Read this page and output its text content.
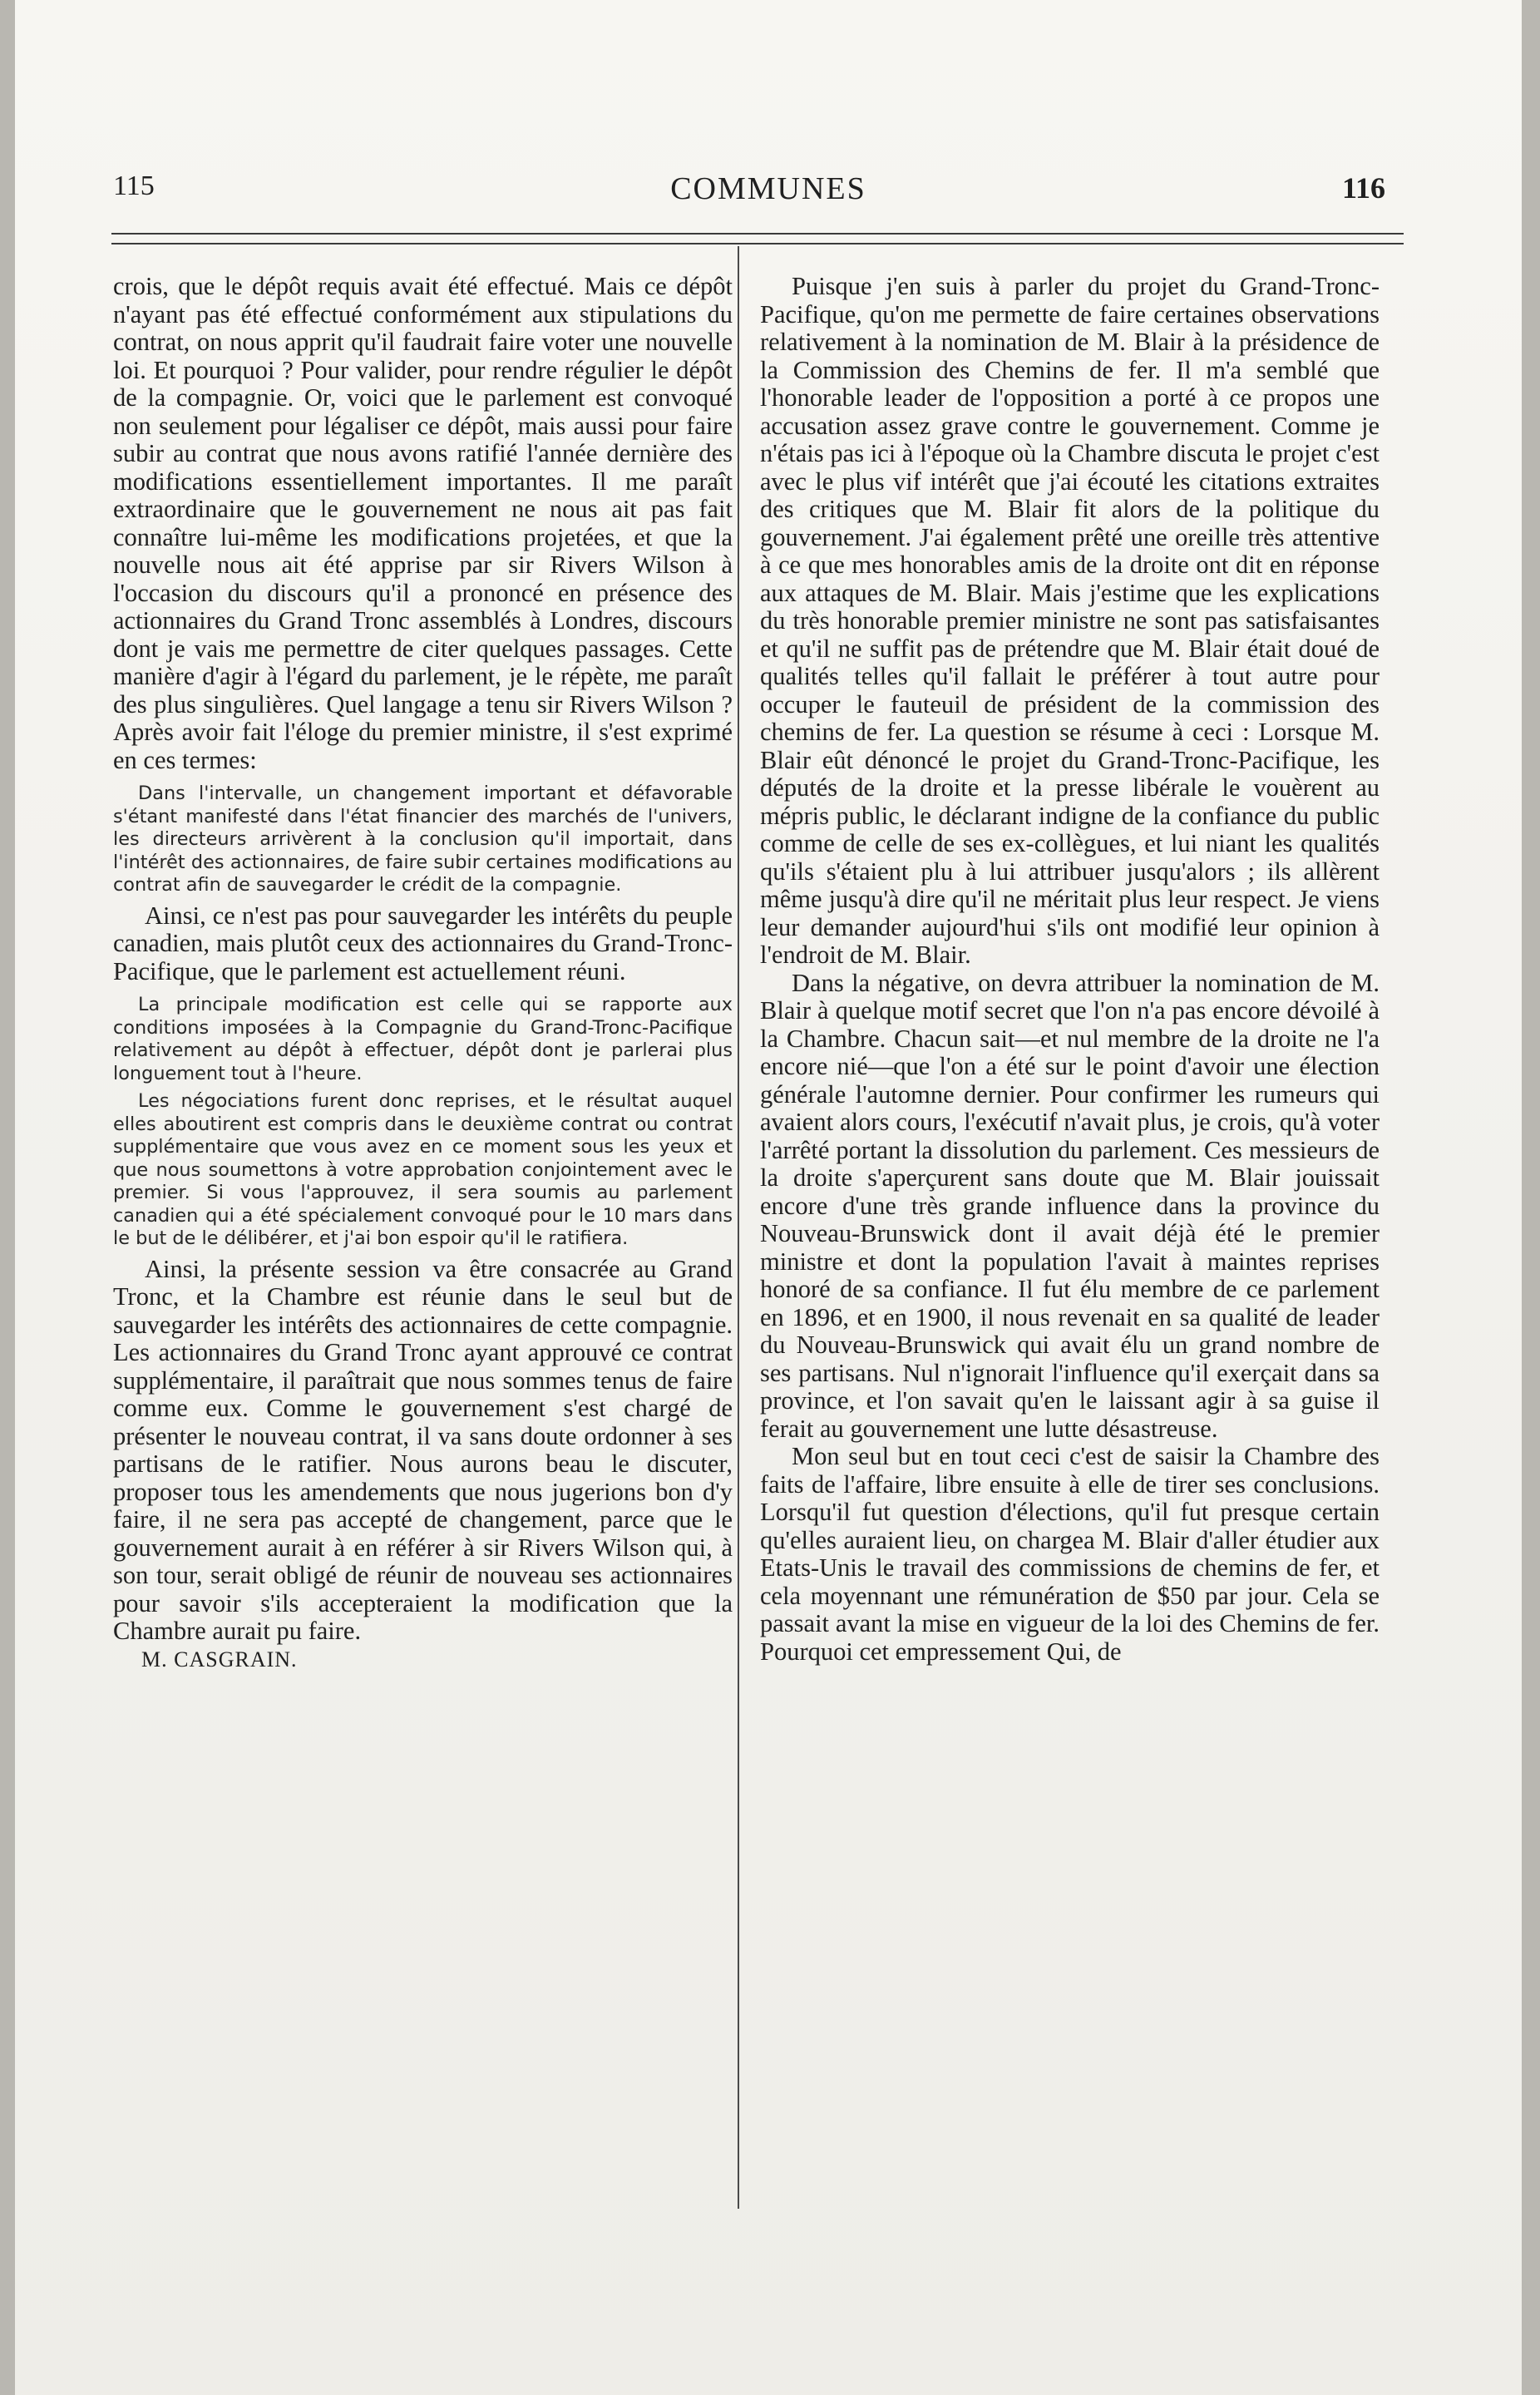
115	COMMUNES	116

crois, que le dépôt requis avait été effectué. Mais ce dépôt n'ayant pas été effectué conformément aux stipulations du contrat, on nous apprit qu'il faudrait faire voter une nouvelle loi. Et pourquoi ? Pour valider, pour rendre régulier le dépôt de la compagnie. Or, voici que le parlement est convoqué non seulement pour légaliser ce dépôt, mais aussi pour faire subir au contrat que nous avons ratifié l'année dernière des modifications essentiellement importantes. Il me paraît extraordinaire que le gouvernement ne nous ait pas fait connaître lui-même les modifications projetées, et que la nouvelle nous ait été apprise par sir Rivers Wilson à l'occasion du discours qu'il a prononcé en présence des actionnaires du Grand Tronc assemblés à Londres, discours dont je vais me permettre de citer quelques passages. Cette manière d'agir à l'égard du parlement, je le répète, me paraît des plus singulières. Quel langage a tenu sir Rivers Wilson ? Après avoir fait l'éloge du premier ministre, il s'est exprimé en ces termes:

Dans l'intervalle, un changement important et défavorable s'étant manifesté dans l'état financier des marchés de l'univers, les directeurs arrivèrent à la conclusion qu'il importait, dans l'intérêt des actionnaires, de faire subir certaines modifications au contrat afin de sauvegarder le crédit de la compagnie.

Ainsi, ce n'est pas pour sauvegarder les intérêts du peuple canadien, mais plutôt ceux des actionnaires du Grand-Tronc-Pacifique, que le parlement est actuellement réuni.

La principale modification est celle qui se rapporte aux conditions imposées à la Compagnie du Grand-Tronc-Pacifique relativement au dépôt à effectuer, dépôt dont je parlerai plus longuement tout à l'heure.
Les négociations furent donc reprises, et le résultat auquel elles aboutirent est compris dans le deuxième contrat ou contrat supplémentaire que vous avez en ce moment sous les yeux et que nous soumettons à votre approbation conjointement avec le premier. Si vous l'approuvez, il sera soumis au parlement canadien qui a été spécialement convoqué pour le 10 mars dans le but de le délibérer, et j'ai bon espoir qu'il le ratifiera.

Ainsi, la présente session va être consacrée au Grand Tronc, et la Chambre est réunie dans le seul but de sauvegarder les intérêts des actionnaires de cette compagnie. Les actionnaires du Grand Tronc ayant approuvé ce contrat supplémentaire, il paraîtrait que nous sommes tenus de faire comme eux. Comme le gouvernement s'est chargé de présenter le nouveau contrat, il va sans doute ordonner à ses partisans de le ratifier. Nous aurons beau le discuter, proposer tous les amendements que nous jugerions bon d'y faire, il ne sera pas accepté de changement, parce que le gouvernement aurait à en référer à sir Rivers Wilson qui, à son tour, serait obligé de réunir de nouveau ses actionnaires pour savoir s'ils accepteraient la modification que la Chambre aurait pu faire.

M. CASGRAIN.

Puisque j'en suis à parler du projet du Grand-Tronc-Pacifique, qu'on me permette de faire certaines observations relativement à la nomination de M. Blair à la présidence de la Commission des Chemins de fer. Il m'a semblé que l'honorable leader de l'opposition a porté à ce propos une accusation assez grave contre le gouvernement. Comme je n'étais pas ici à l'époque où la Chambre discuta le projet c'est avec le plus vif intérêt que j'ai écouté les citations extraites des critiques que M. Blair fit alors de la politique du gouvernement. J'ai également prêté une oreille très attentive à ce que mes honorables amis de la droite ont dit en réponse aux attaques de M. Blair. Mais j'estime que les explications du très honorable premier ministre ne sont pas satisfaisantes et qu'il ne suffit pas de prétendre que M. Blair était doué de qualités telles qu'il fallait le préférer à tout autre pour occuper le fauteuil de président de la commission des chemins de fer. La question se résume à ceci : Lorsque M. Blair eût dénoncé le projet du Grand-Tronc-Pacifique, les députés de la droite et la presse libérale le vouèrent au mépris public, le déclarant indigne de la confiance du public comme de celle de ses ex-collègues, et lui niant les qualités qu'ils s'étaient plu à lui attribuer jusqu'alors ; ils allèrent même jusqu'à dire qu'il ne méritait plus leur respect. Je viens leur demander aujourd'hui s'ils ont modifié leur opinion à l'endroit de M. Blair.

Dans la négative, on devra attribuer la nomination de M. Blair à quelque motif secret que l'on n'a pas encore dévoilé à la Chambre. Chacun sait—et nul membre de la droite ne l'a encore nié—que l'on a été sur le point d'avoir une élection générale l'automne dernier. Pour confirmer les rumeurs qui avaient alors cours, l'exécutif n'avait plus, je crois, qu'à voter l'arrêté portant la dissolution du parlement. Ces messieurs de la droite s'aperçurent sans doute que M. Blair jouissait encore d'une très grande influence dans la province du Nouveau-Brunswick dont il avait déjà été le premier ministre et dont la population l'avait à maintes reprises honoré de sa confiance. Il fut élu membre de ce parlement en 1896, et en 1900, il nous revenait en sa qualité de leader du Nouveau-Brunswick qui avait élu un grand nombre de ses partisans. Nul n'ignorait l'influence qu'il exerçait dans sa province, et l'on savait qu'en le laissant agir à sa guise il ferait au gouvernement une lutte désastreuse.

Mon seul but en tout ceci c'est de saisir la Chambre des faits de l'affaire, libre ensuite à elle de tirer ses conclusions. Lorsqu'il fut question d'élections, qu'il fut presque certain qu'elles auraient lieu, on chargea M. Blair d'aller étudier aux Etats-Unis le travail des commissions de chemins de fer, et cela moyennant une rémunération de $50 par jour. Cela se passait avant la mise en vigueur de la loi des Chemins de fer. Pourquoi cet empressement Qui, de
